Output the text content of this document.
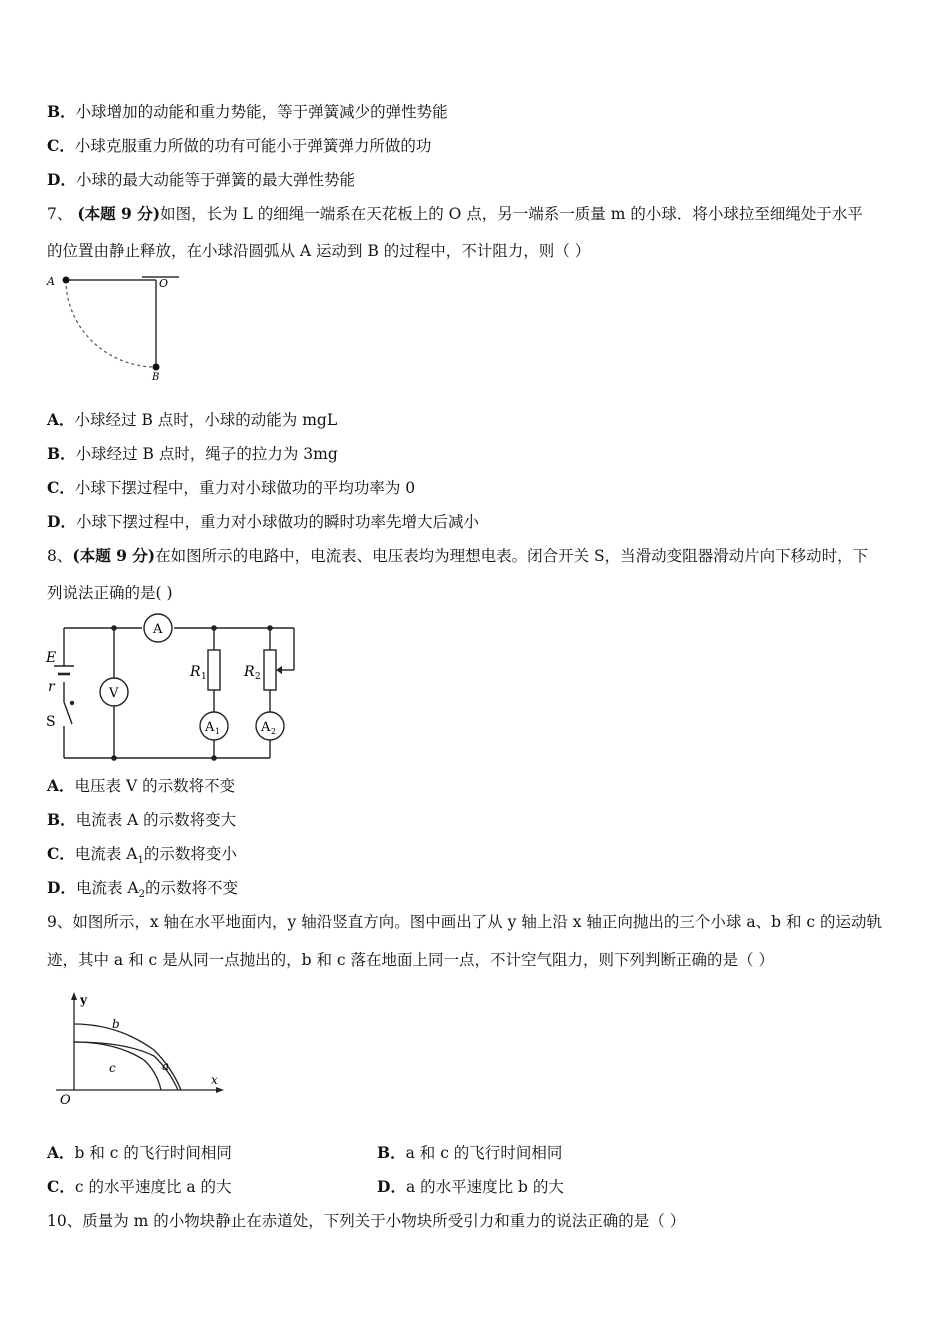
B．小球增加的动能和重力势能，等于弹簧减少的弹性势能
C．小球克服重力所做的功有可能小于弹簧弹力所做的功
D．小球的最大动能等于弹簧的最大弹性势能
7、 (本题 9 分)如图，长为 L 的细绳一端系在天花板上的 O 点，另一端系一质量 m 的小球．将小球拉至细绳处于水平
的位置由静止释放，在小球沿圆弧从 A 运动到 B 的过程中，不计阻力，则（ ）
A	O
B
A．小球经过 B 点时，小球的动能为 mgL
B．小球经过 B 点时，绳子的拉力为 3mg
C．小球下摆过程中，重力对小球做功的平均功率为 0
D．小球下摆过程中，重力对小球做功的瞬时功率先增大后减小
8、(本题 9 分)在如图所示的电路中，电流表、电压表均为理想电表。闭合开关 S，当滑动变阻器滑动片向下移动时，下
列说法正确的是( )
E
r
S
V
A
R 1	R 2
A 1	A 2
A．电压表 V 的示数将不变
B．电流表 A 的示数将变大
C．电流表 $A_1$的示数将变小
D．电流表 $A_2$的示数将不变
9、如图所示，x 轴在水平地面内，y 轴沿竖直方向。图中画出了从 y 轴上沿 x 轴正向抛出的三个小球 a、b 和 c 的运动轨
迹，其中 a 和 c 是从同一点抛出的，b 和 c 落在地面上同一点，不计空气阻力，则下列判断正确的是（ ）
y
x
O
b
c	a
A．b 和 c 的飞行时间相同	B．a 和 c 的飞行时间相同
C．c 的水平速度比 a 的大	D．a 的水平速度比 b 的大
10、质量为 m 的小物块静止在赤道处，下列关于小物块所受引力和重力的说法正确的是（ ）
